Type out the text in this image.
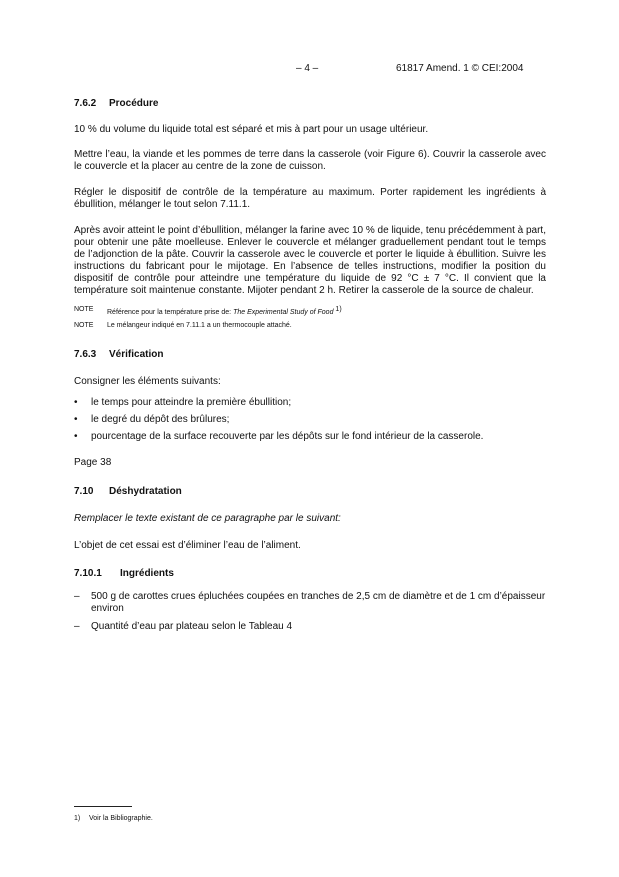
– 4 –	61817 Amend. 1 © CEI:2004
7.6.2 Procédure

10 % du volume du liquide total est séparé et mis à part pour un usage ultérieur.

Mettre l’eau, la viande et les pommes de terre dans la casserole (voir Figure 6). Couvrir la casserole avec le couvercle et la placer au centre de la zone de cuisson.

Régler le dispositif de contrôle de la température au maximum. Porter rapidement les ingrédients à ébullition, mélanger le tout selon 7.11.1.

Après avoir atteint le point d’ébullition, mélanger la farine avec 10 % de liquide, tenu précédemment à part, pour obtenir une pâte moelleuse. Enlever le couvercle et mélanger graduellement pendant tout le temps de l’adjonction de la pâte. Couvrir la casserole avec le couvercle et porter le liquide à ébullition. Suivre les instructions du fabricant pour le mijotage. En l’absence de telles instructions, modifier la position du dispositif de contrôle pour atteindre une température du liquide de 92 °C ± 7 °C. Il convient que la température soit maintenue constante. Mijoter pendant 2 h. Retirer la casserole de la source de chaleur.

NOTE	Référence pour la température prise de: The Experimental Study of Food $^{1)}$
NOTE	Le mélangeur indiqué en 7.11.1 a un thermocouple attaché.
7.6.3 Vérification

Consigner les éléments suivants:

•	le temps pour atteindre la première ébullition;
•	le degré du dépôt des brûlures;
•	pourcentage de la surface recouverte par les dépôts sur le fond intérieur de la casserole.

Page 38

7.10 Déshydratation

Remplacer le texte existant de ce paragraphe par le suivant:

L’objet de cet essai est d’éliminer l’eau de l’aliment.

7.10.1 Ingrédients
–	500 g de carottes crues épluchées coupées en tranches de 2,5 cm de diamètre et de 1 cm d’épaisseur environ
–	Quantité d’eau par plateau selon le Tableau 4
1) Voir la Bibliographie.
